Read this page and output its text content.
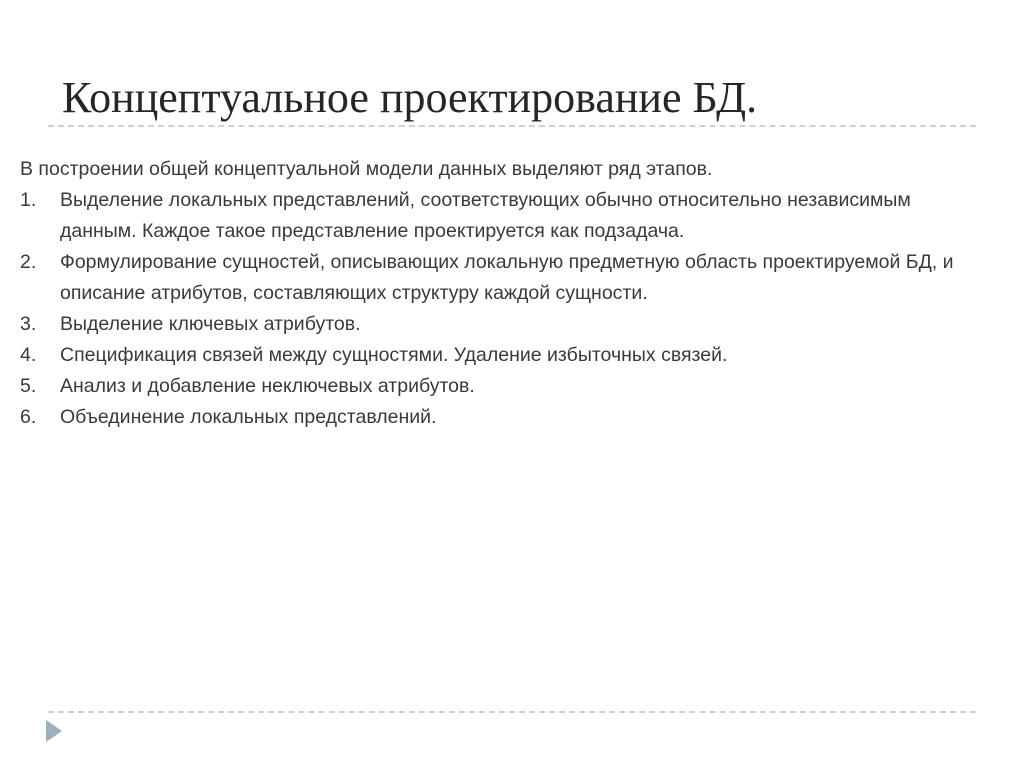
Концептуальное проектирование БД.

В построении общей концептуальной модели данных выделяют ряд этапов.

1. Выделение локальных представлений, соответствующих обычно относительно независимым данным. Каждое такое представление проектируется как подзадача.
2. Формулирование сущностей, описывающих локальную предметную область проектируемой БД, и описание атрибутов, составляющих структуру каждой сущности.
3. Выделение ключевых атрибутов.
4. Спецификация связей между сущностями. Удаление избыточных связей.
5. Анализ и добавление неключевых атрибутов.
6. Объединение локальных представлений.
